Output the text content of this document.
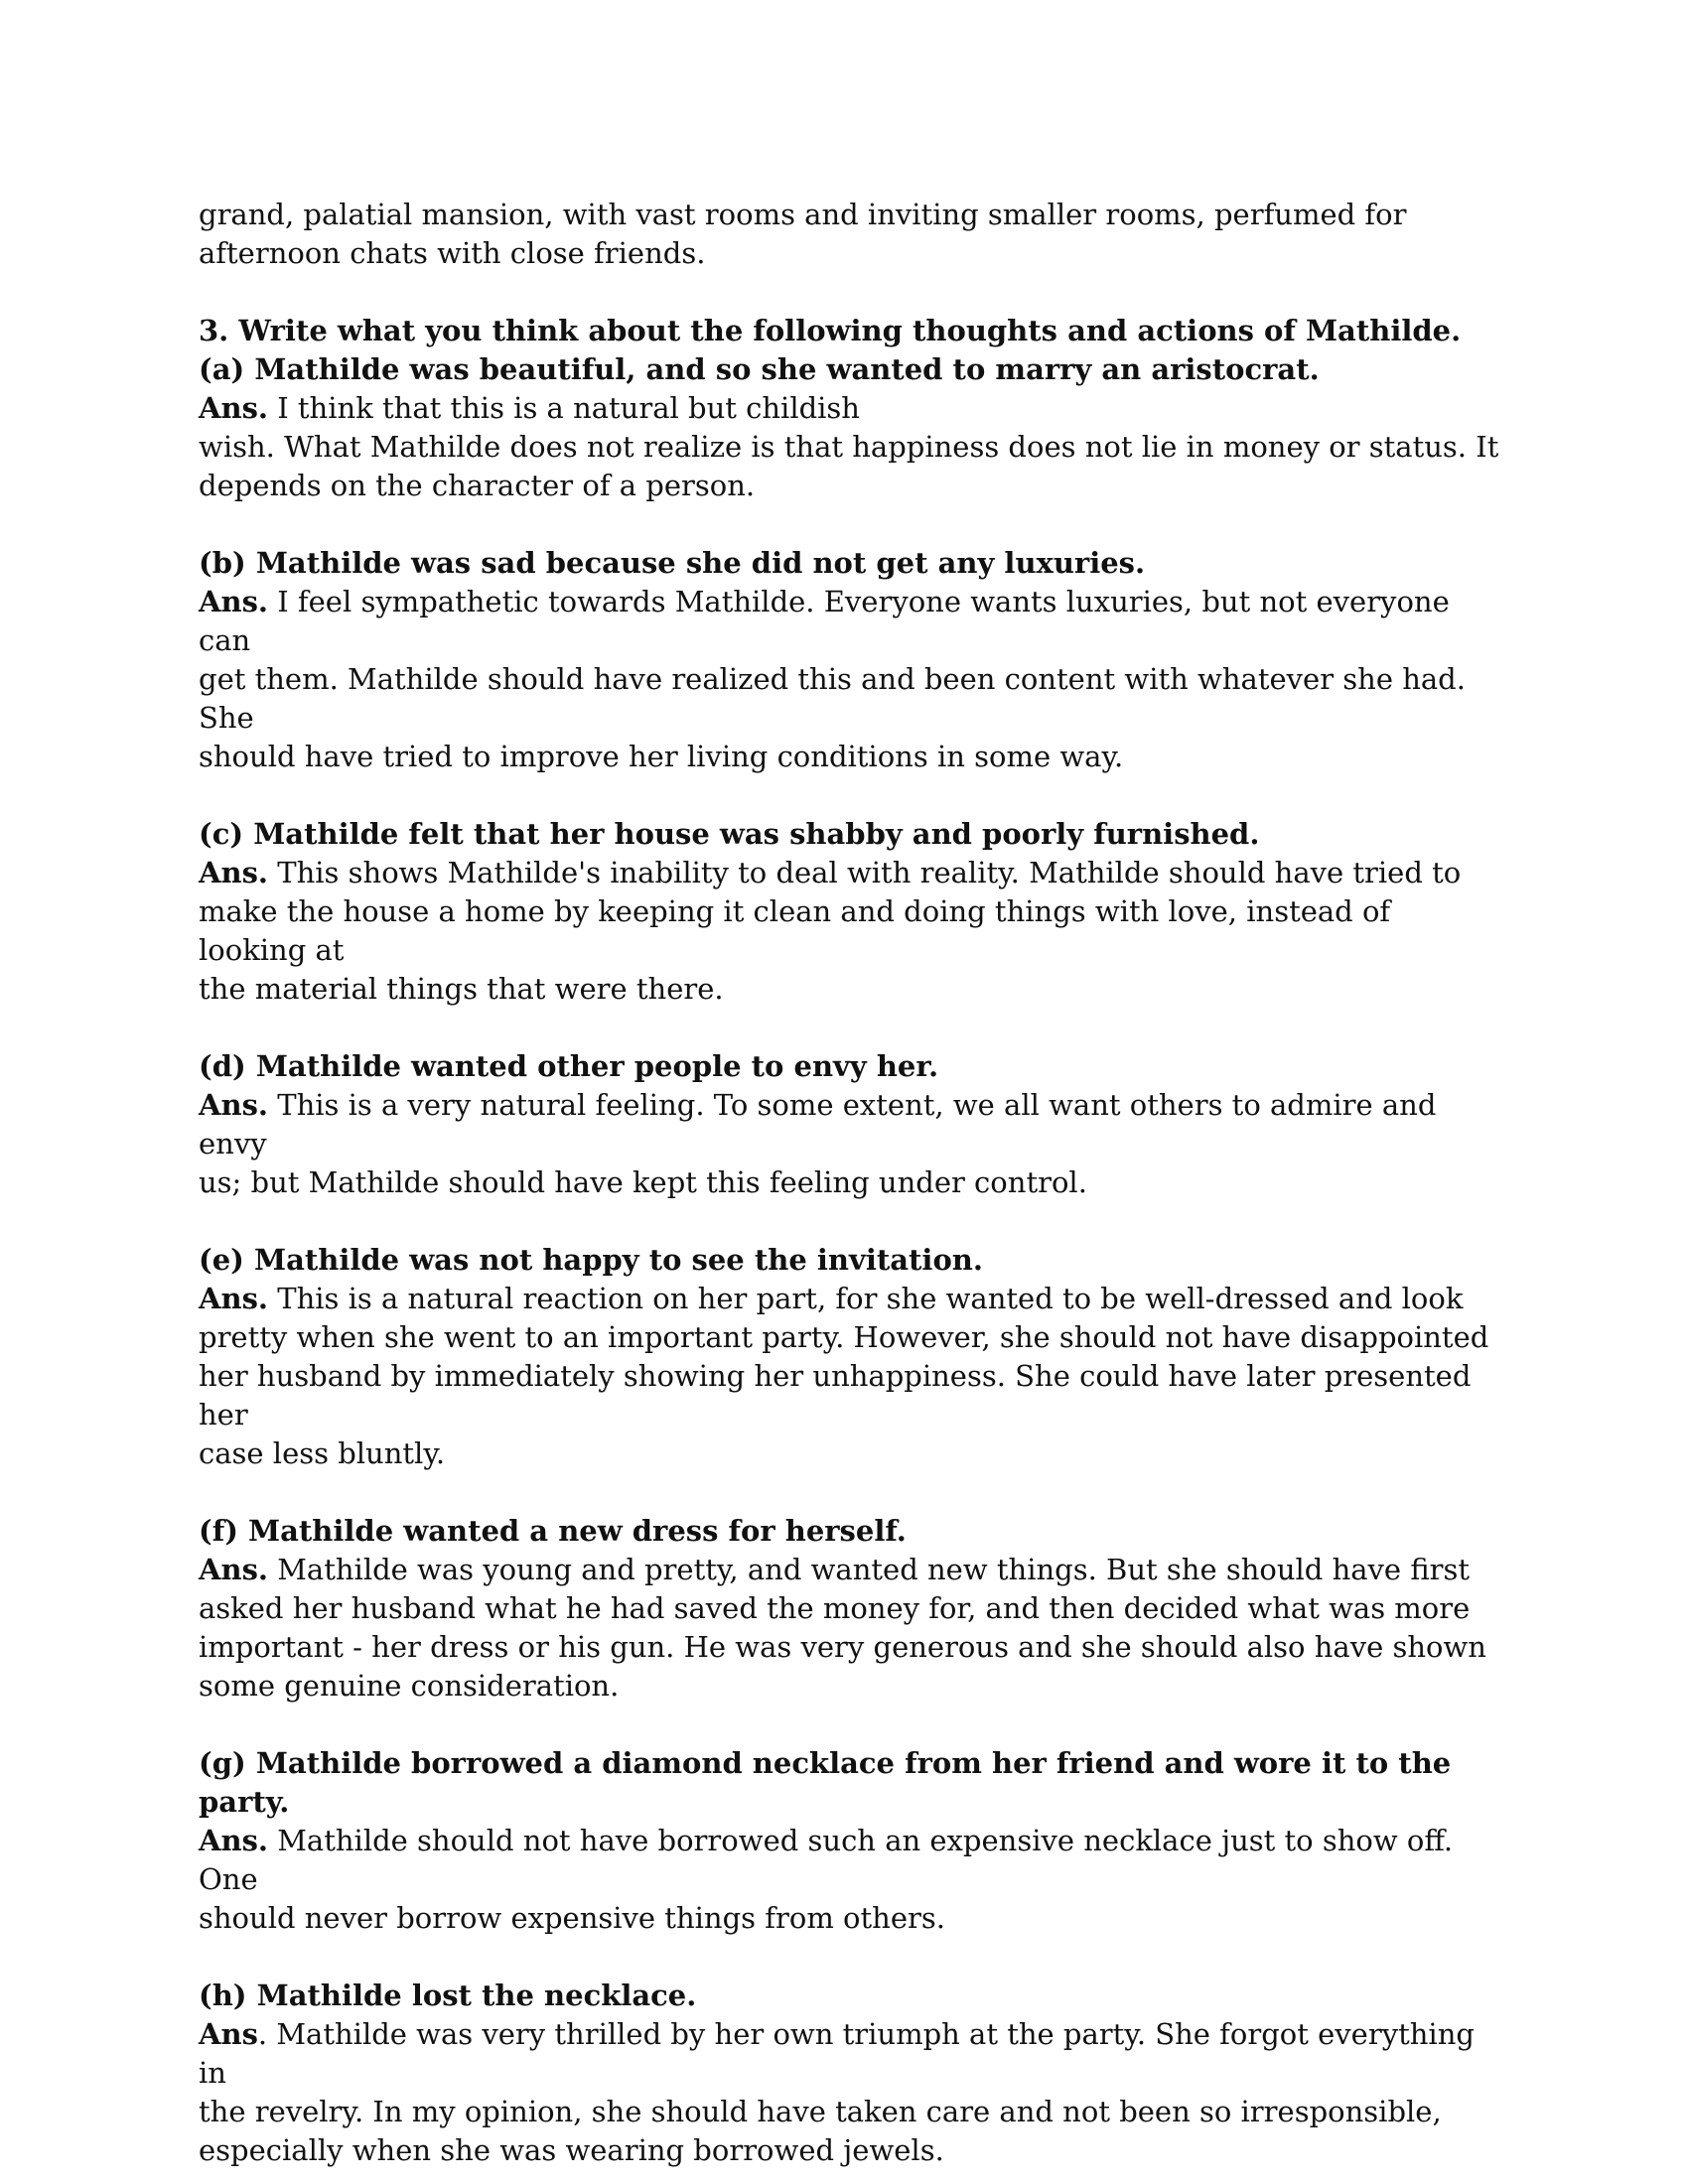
grand, palatial mansion, with vast rooms and inviting smaller rooms, perfumed for
afternoon chats with close friends.

3. Write what you think about the following thoughts and actions of Mathilde.

(a) Mathilde was beautiful, and so she wanted to marry an aristocrat.

Ans. I think that this is a natural but childish
wish. What Mathilde does not realize is that happiness does not lie in money or status. It
depends on the character of a person.

(b) Mathilde was sad because she did not get any luxuries.

Ans. I feel sympathetic towards Mathilde. Everyone wants luxuries, but not everyone can
get them. Mathilde should have realized this and been content with whatever she had. She
should have tried to improve her living conditions in some way.

(c) Mathilde felt that her house was shabby and poorly furnished.

Ans. This shows Mathilde's inability to deal with reality. Mathilde should have tried to
make the house a home by keeping it clean and doing things with love, instead of looking at
the material things that were there.

(d) Mathilde wanted other people to envy her.

Ans. This is a very natural feeling. To some extent, we all want others to admire and envy
us; but Mathilde should have kept this feeling under control.

(e) Mathilde was not happy to see the invitation.

Ans. This is a natural reaction on her part, for she wanted to be well-dressed and look
pretty when she went to an important party. However, she should not have disappointed
her husband by immediately showing her unhappiness. She could have later presented her
case less bluntly.

(f) Mathilde wanted a new dress for herself.

Ans. Mathilde was young and pretty, and wanted new things. But she should have first
asked her husband what he had saved the money for, and then decided what was more
important - her dress or his gun. He was very generous and she should also have shown
some genuine consideration.

(g) Mathilde borrowed a diamond necklace from her friend and wore it to the party.

Ans. Mathilde should not have borrowed such an expensive necklace just to show off. One
should never borrow expensive things from others.

(h) Mathilde lost the necklace.

Ans. Mathilde was very thrilled by her own triumph at the party. She forgot everything in
the revelry. In my opinion, she should have taken care and not been so irresponsible,
especially when she was wearing borrowed jewels.
